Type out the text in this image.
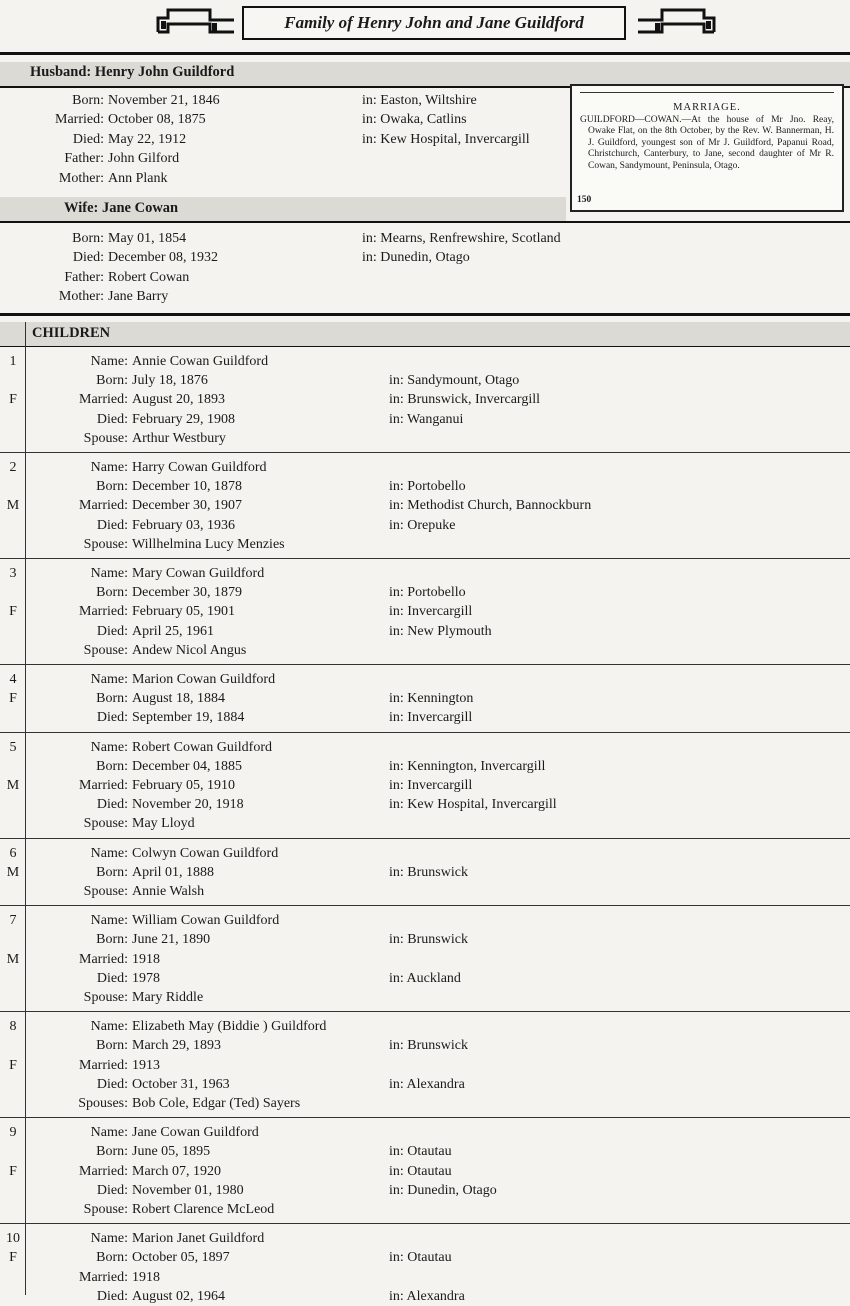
Family of Henry John and Jane Guildford
Husband: Henry John Guildford
Born: November 21, 1846	in: Easton, Wiltshire
Married: October 08, 1875	in: Owaka, Catlins
Died: May 22, 1912	in: Kew Hospital, Invercargill
Father: John Gilford
Mother: Ann Plank
MARRIAGE.
GUILDFORD—COWAN.—At the house of Mr Jno. Reay, Owake Flat, on the 8th October, by the Rev. W. Bannerman, H. J. Guildford, youngest son of Mr J. Guildford, Papanui Road, Christchurch, Canterbury, to Jane, second daughter of Mr R. Cowan, Sandymount, Peninsula, Otago.
150
Wife: Jane Cowan
Born: May 01, 1854	in: Mearns, Renfrewshire, Scotland
Died: December 08, 1932	in: Dunedin, Otago
Father: Robert Cowan
Mother: Jane Barry
CHILDREN
1
F
Name: Annie Cowan Guildford
Born: July 18, 1876	in: Sandymount, Otago
Married: August 20, 1893	in: Brunswick, Invercargill
Died: February 29, 1908	in: Wanganui
Spouse: Arthur Westbury
2
M
Name: Harry Cowan Guildford
Born: December 10, 1878	in: Portobello
Married: December 30, 1907	in: Methodist Church, Bannockburn
Died: February 03, 1936	in: Orepuke
Spouse: Willhelmina Lucy Menzies
3
F
Name: Mary Cowan Guildford
Born: December 30, 1879	in: Portobello
Married: February 05, 1901	in: Invercargill
Died: April 25, 1961	in: New Plymouth
Spouse: Andew Nicol Angus
4
F
Name: Marion Cowan Guildford
Born: August 18, 1884	in: Kennington
Died: September 19, 1884	in: Invercargill
5
M
Name: Robert Cowan Guildford
Born: December 04, 1885	in: Kennington, Invercargill
Married: February 05, 1910	in: Invercargill
Died: November 20, 1918	in: Kew Hospital, Invercargill
Spouse: May Lloyd
6
M
Name: Colwyn Cowan Guildford
Born: April 01, 1888	in: Brunswick
Spouse: Annie Walsh
7
M
Name: William Cowan Guildford
Born: June 21, 1890	in: Brunswick
Married: 1918
Died: 1978	in: Auckland
Spouse: Mary Riddle
8
F
Name: Elizabeth May (Biddie ) Guildford
Born: March 29, 1893	in: Brunswick
Married: 1913
Died: October 31, 1963	in: Alexandra
Spouses: Bob Cole, Edgar (Ted) Sayers
9
F
Name: Jane Cowan Guildford
Born: June 05, 1895	in: Otautau
Married: March 07, 1920	in: Otautau
Died: November 01, 1980	in: Dunedin, Otago
Spouse: Robert Clarence McLeod
10
F
Name: Marion Janet Guildford
Born: October 05, 1897	in: Otautau
Married: 1918
Died: August 02, 1964	in: Alexandra
